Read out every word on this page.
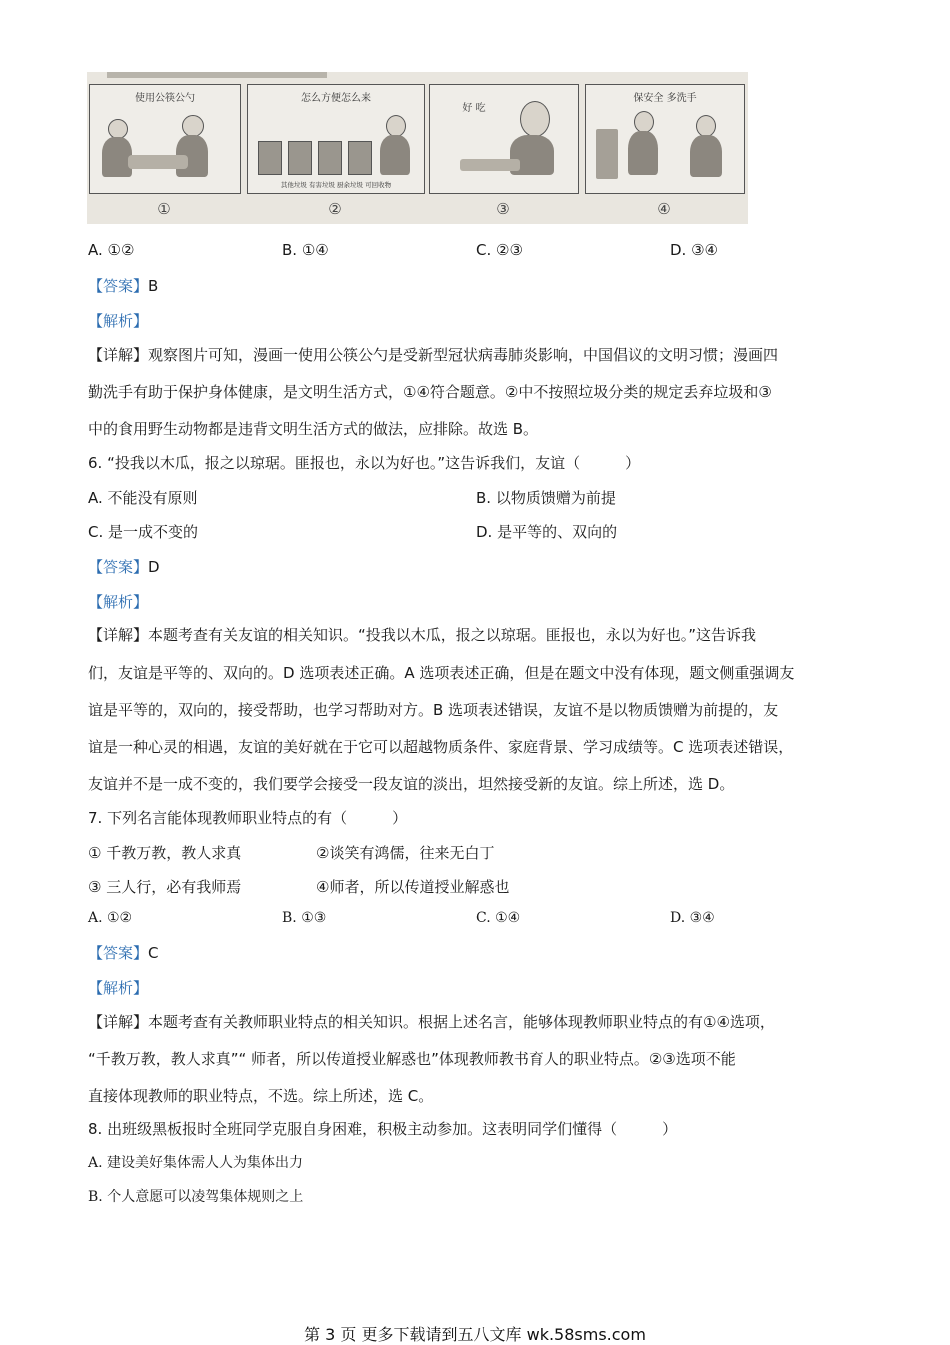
使用公筷公勺	怎么方便怎么来
其他垃圾 有害垃圾 厨余垃圾 可回收物
好 吃
保安全 多洗手
①	②	③	④
A. ①②	B. ①④	C. ②③	D. ③④
【答案】B
【解析】
【详解】观察图片可知，漫画一使用公筷公勺是受新型冠状病毒肺炎影响，中国倡议的文明习惯；漫画四
勤洗手有助于保护身体健康，是文明生活方式，①④符合题意。②中不按照垃圾分类的规定丢弃垃圾和③
中的食用野生动物都是违背文明生活方式的做法，应排除。故选 B。
6. “投我以木瓜，报之以琼琚。匪报也，永以为好也。”这告诉我们，友谊（　　　）
A. 不能没有原则	B. 以物质馈赠为前提
C. 是一成不变的	D. 是平等的、双向的
【答案】D
【解析】
【详解】本题考查有关友谊的相关知识。“投我以木瓜，报之以琼琚。匪报也，永以为好也。”这告诉我
们，友谊是平等的、双向的。D 选项表述正确。A 选项表述正确，但是在题文中没有体现，题文侧重强调友
谊是平等的，双向的，接受帮助，也学习帮助对方。B 选项表述错误，友谊不是以物质馈赠为前提的，友
谊是一种心灵的相遇，友谊的美好就在于它可以超越物质条件、家庭背景、学习成绩等。C 选项表述错误，
友谊并不是一成不变的，我们要学会接受一段友谊的淡出，坦然接受新的友谊。综上所述，选 D。
7. 下列名言能体现教师职业特点的有（　　　）
① 千教万教，教人求真	②谈笑有鸿儒，往来无白丁
③ 三人行，必有我师焉	④师者，所以传道授业解惑也
A. ①②	B. ①③	C. ①④	D. ③④
【答案】C
【解析】
【详解】本题考查有关教师职业特点的相关知识。根据上述名言，能够体现教师职业特点的有①④选项，
“千教万教，教人求真”“ 师者，所以传道授业解惑也”体现教师教书育人的职业特点。②③选项不能
直接体现教师的职业特点，不选。综上所述，选 C。
8. 出班级黑板报时全班同学克服自身困难，积极主动参加。这表明同学们懂得（　　　）
A. 建设美好集体需人人为集体出力
B. 个人意愿可以凌驾集体规则之上
第 3 页 更多下载请到五八文库 wk.58sms.com
